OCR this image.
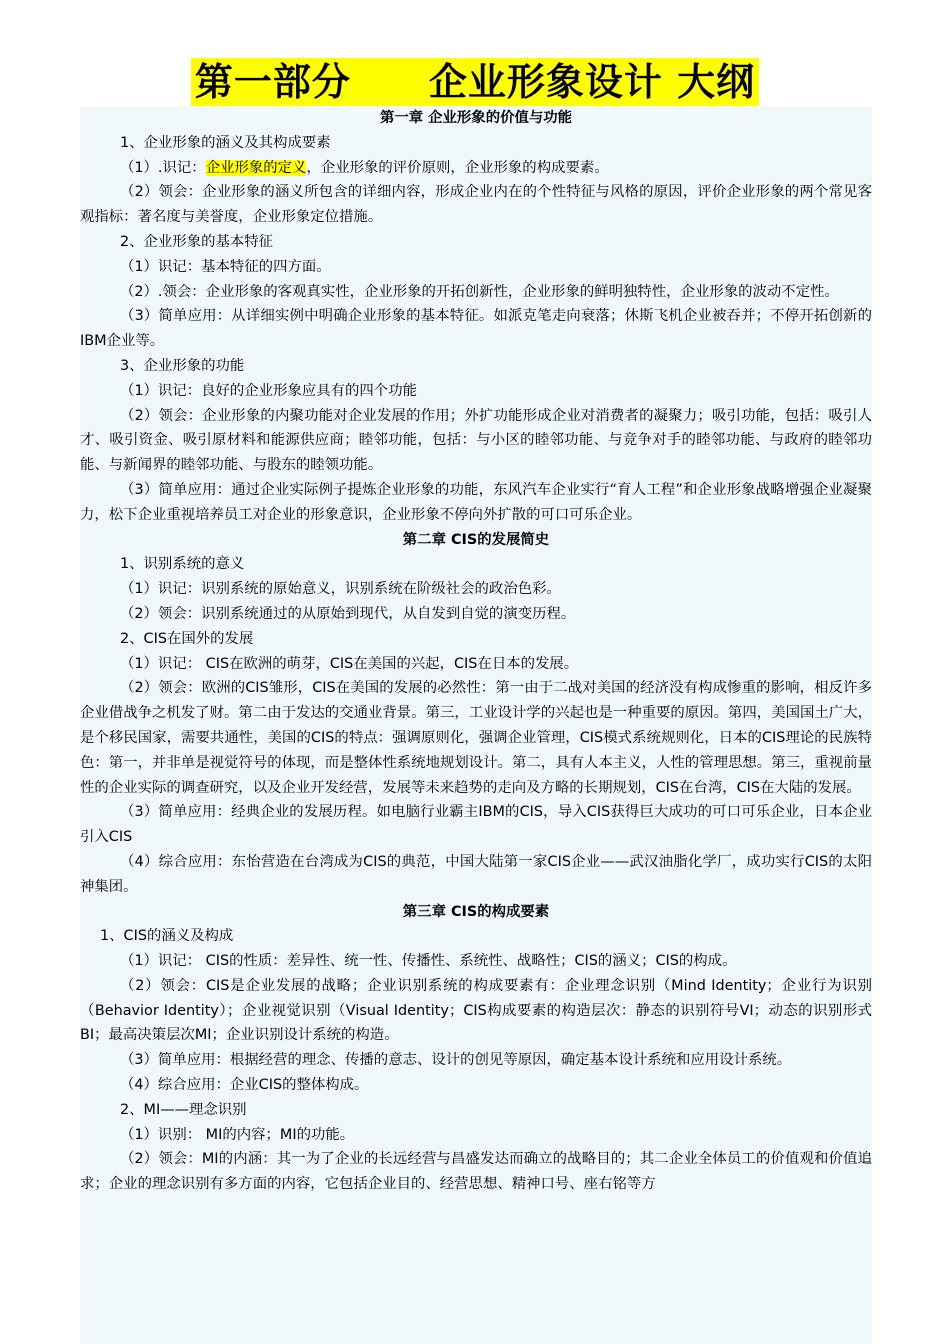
第一部分　　企业形象设计 大纲

第一章 企业形象的价值与功能

1、企业形象的涵义及其构成要素

（1）.识记：企业形象的定义，企业形象的评价原则，企业形象的构成要素。

（2）领会：企业形象的涵义所包含的详细内容，形成企业内在的个性特征与风格的原因，评价企业形象的两个常见客观指标：著名度与美誉度，企业形象定位措施。

2、企业形象的基本特征

（1）识记：基本特征的四方面。

（2）.领会：企业形象的客观真实性，企业形象的开拓创新性，企业形象的鲜明独特性，企业形象的波动不定性。

（3）简单应用：从详细实例中明确企业形象的基本特征。如派克笔走向衰落；休斯飞机企业被吞并；不停开拓创新的IBM企业等。

3、企业形象的功能

（1）识记：良好的企业形象应具有的四个功能

（2）领会：企业形象的内聚功能对企业发展的作用；外扩功能形成企业对消费者的凝聚力；吸引功能，包括：吸引人才、吸引资金、吸引原材料和能源供应商；睦邻功能，包括：与小区的睦邻功能、与竞争对手的睦邻功能、与政府的睦邻功能、与新闻界的睦邻功能、与股东的睦领功能。

（3）简单应用：通过企业实际例子提炼企业形象的功能，东风汽车企业实行“育人工程”和企业形象战略增强企业凝聚力，松下企业重视培养员工对企业的形象意识，企业形象不停向外扩散的可口可乐企业。

第二章 CIS的发展简史

1、识别系统的意义

（1）识记：识别系统的原始意义，识别系统在阶级社会的政治色彩。

（2）领会：识别系统通过的从原始到现代，从自发到自觉的演变历程。

2、CIS在国外的发展

（1）识记： CIS在欧洲的萌芽，CIS在美国的兴起，CIS在日本的发展。

（2）领会：欧洲的CIS雏形，CIS在美国的发展的必然性：第一由于二战对美国的经济没有构成惨重的影响，相反许多企业借战争之机发了财。第二由于发达的交通业背景。第三，工业设计学的兴起也是一种重要的原因。第四，美国国土广大，是个移民国家，需要共通性，美国的CIS的特点：强调原则化，强调企业管理，CIS模式系统规则化，日本的CIS理论的民族特色：第一，并非单是视觉符号的体现，而是整体性系统地规划设计。第二，具有人本主义，人性的管理思想。第三，重视前量性的企业实际的调查研究，以及企业开发经营，发展等未来趋势的走向及方略的长期规划，CIS在台湾，CIS在大陆的发展。

（3）简单应用：经典企业的发展历程。如电脑行业霸主IBM的CIS，导入CIS获得巨大成功的可口可乐企业，日本企业引入CIS

（4）综合应用：东怡营造在台湾成为CIS的典范，中国大陆第一家CIS企业——武汉油脂化学厂，成功实行CIS的太阳神集团。

第三章 CIS的构成要素

1、CIS的涵义及构成

（1）识记： CIS的性质：差异性、统一性、传播性、系统性、战略性；CIS的涵义；CIS的构成。

（2）领会：CIS是企业发展的战略；企业识别系统的构成要素有：企业理念识别（Mind Identity；企业行为识别（Behavior Identity）；企业视觉识别（Visual Identity；CIS构成要素的构造层次：静态的识别符号VI；动态的识别形式 BI；最高决策层次MI；企业识别设计系统的构造。

（3）简单应用：根据经营的理念、传播的意志、设计的创见等原因，确定基本设计系统和应用设计系统。

（4）综合应用：企业CIS的整体构成。

2、MI——理念识别

（1）识别： MI的内容；MI的功能。

（2）领会：MI的内涵：其一为了企业的长远经营与昌盛发达而确立的战略目的；其二企业全体员工的价值观和价值追求；企业的理念识别有多方面的内容，它包括企业目的、经营思想、精神口号、座右铭等方
